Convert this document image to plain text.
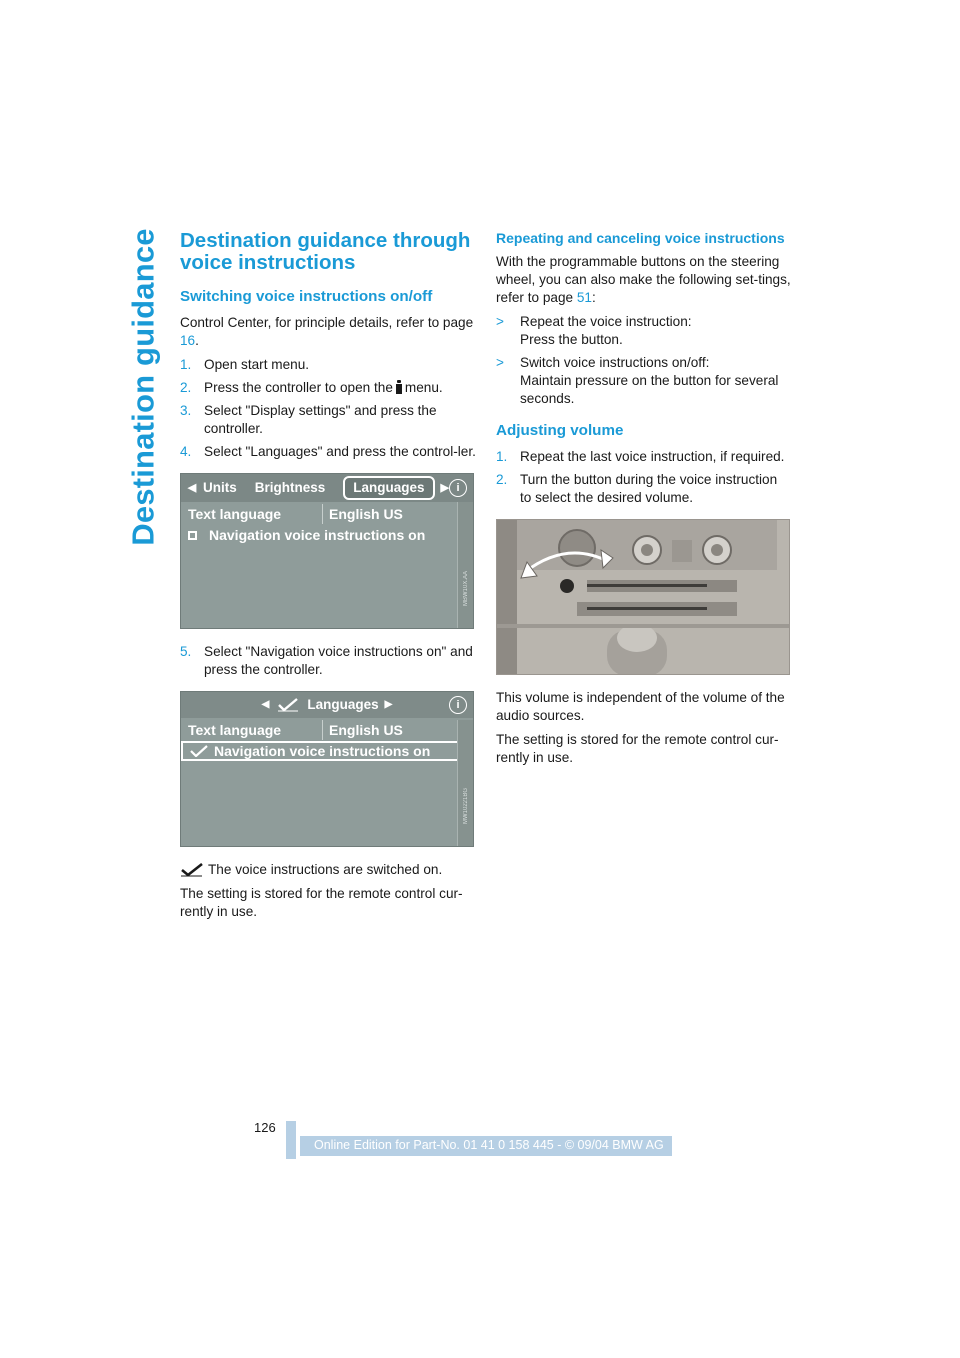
Destination guidance Destination guidance through voice instructions
Switching voice instructions on/off

Control Center, for principle details, refer to page 16.

1. Open start menu.
2. Press the controller to open the menu.
3. Select "Display settings" and press the controller.
4. Select "Languages" and press the control-ler.
◀ Units Brightness	Languages	▶ i
Text language	English US
Navigation voice instructions on
MBW10X.AA
5. Select "Navigation voice instructions on" and press the controller.
◀	Languages ▶	i
Text language	English US
Navigation voice instructions on
MW10221BG

The voice instructions are switched on.

The setting is stored for the remote control cur-rently in use.

Repeating and canceling voice instructions

With the programmable buttons on the steering wheel, you can also make the following set-tings, refer to page 51:

>	Repeat the voice instruction:
Press the button.
>	Switch voice instructions on/off:
Maintain pressure on the button for several seconds.
Adjusting volume
1. Repeat the last voice instruction, if required.
2. Turn the button during the voice instruction to select the desired volume.

This volume is independent of the volume of the audio sources.

The setting is stored for the remote control cur-rently in use.

126
Online Edition for Part-No. 01 41 0 158 445 - © 09/04 BMW AG
